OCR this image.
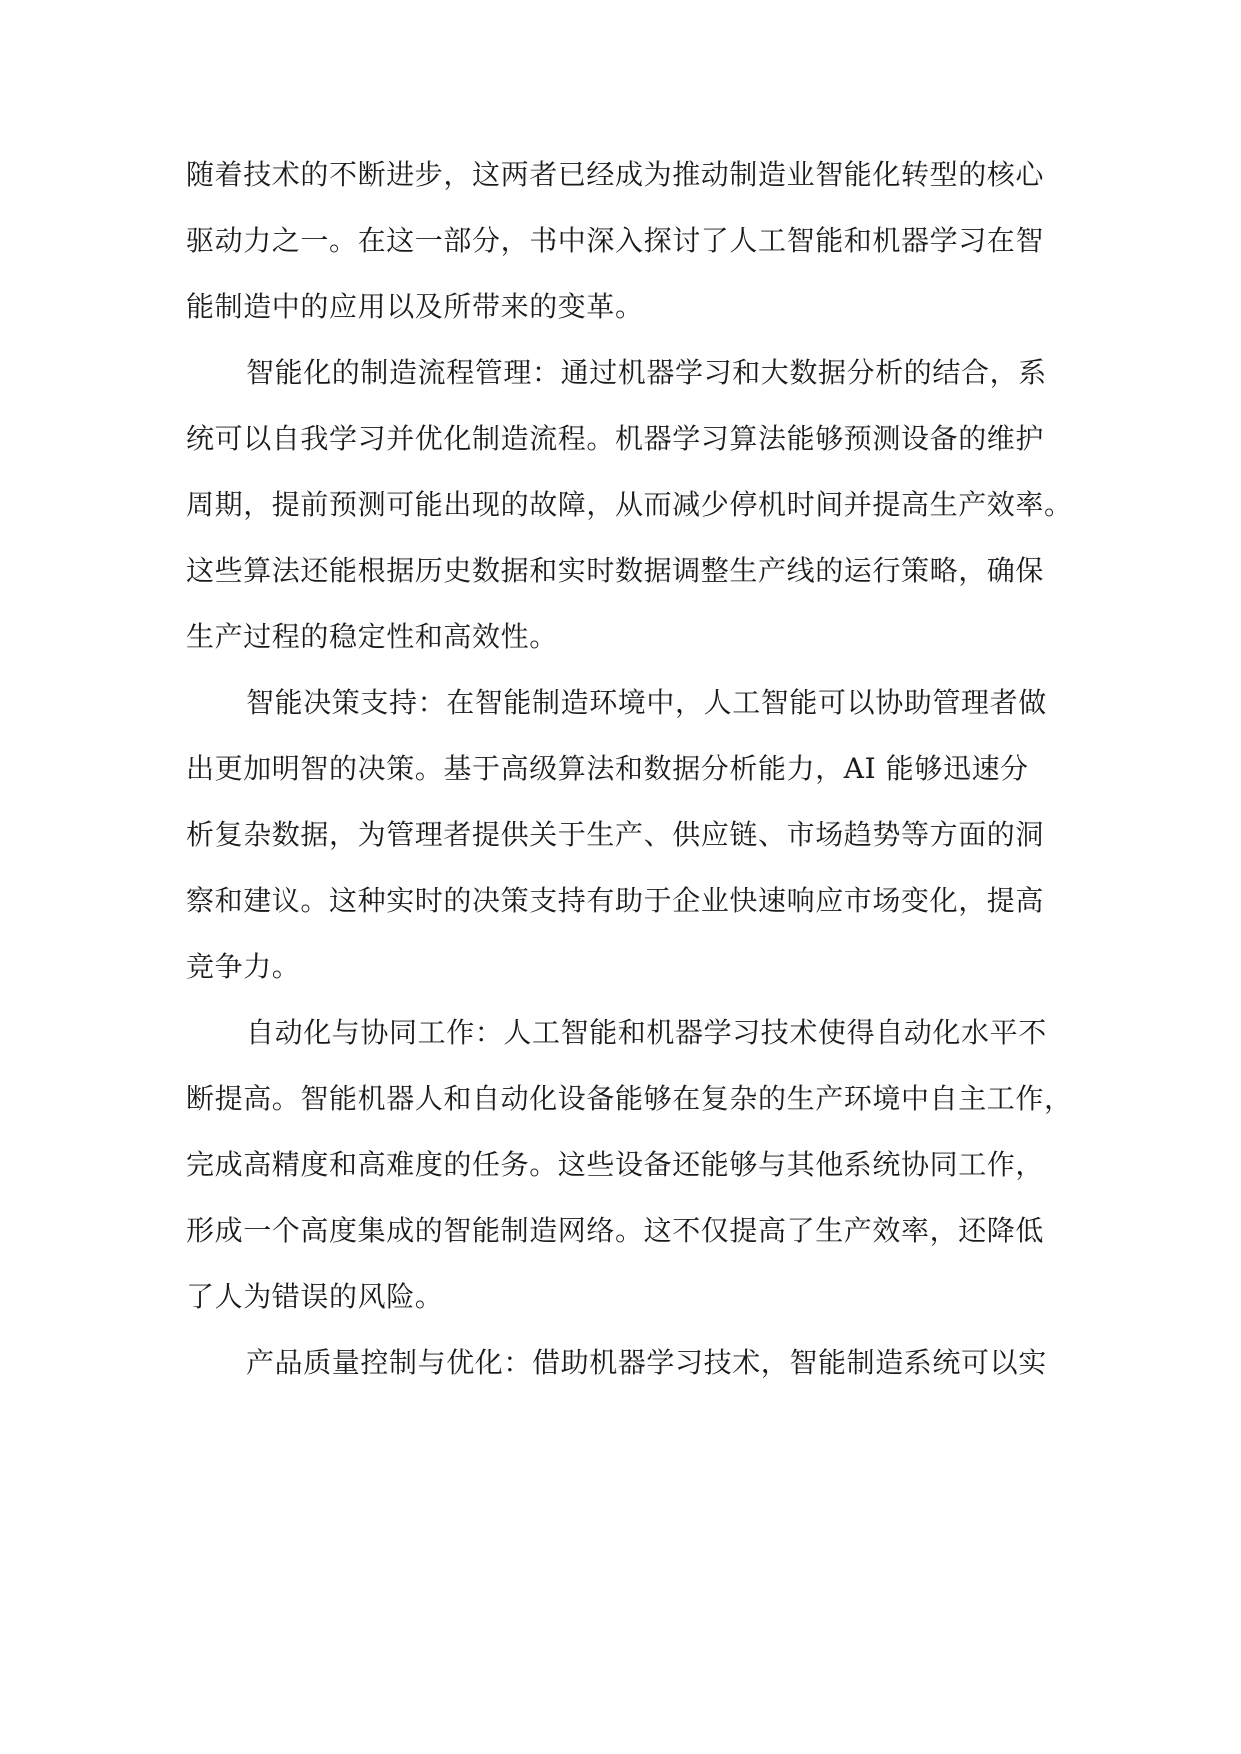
随着技术的不断进步，这两者已经成为推动制造业智能化转型的核心
驱动力之一。在这一部分，书中深入探讨了人工智能和机器学习在智
能制造中的应用以及所带来的变革。
智能化的制造流程管理：通过机器学习和大数据分析的结合，系
统可以自我学习并优化制造流程。机器学习算法能够预测设备的维护
周期，提前预测可能出现的故障，从而减少停机时间并提高生产效率。
这些算法还能根据历史数据和实时数据调整生产线的运行策略，确保
生产过程的稳定性和高效性。
智能决策支持：在智能制造环境中，人工智能可以协助管理者做
出更加明智的决策。基于高级算法和数据分析能力，AI 能够迅速分
析复杂数据，为管理者提供关于生产、供应链、市场趋势等方面的洞
察和建议。这种实时的决策支持有助于企业快速响应市场变化，提高
竞争力。
自动化与协同工作：人工智能和机器学习技术使得自动化水平不
断提高。智能机器人和自动化设备能够在复杂的生产环境中自主工作，
完成高精度和高难度的任务。这些设备还能够与其他系统协同工作，
形成一个高度集成的智能制造网络。这不仅提高了生产效率，还降低
了人为错误的风险。
产品质量控制与优化：借助机器学习技术，智能制造系统可以实
